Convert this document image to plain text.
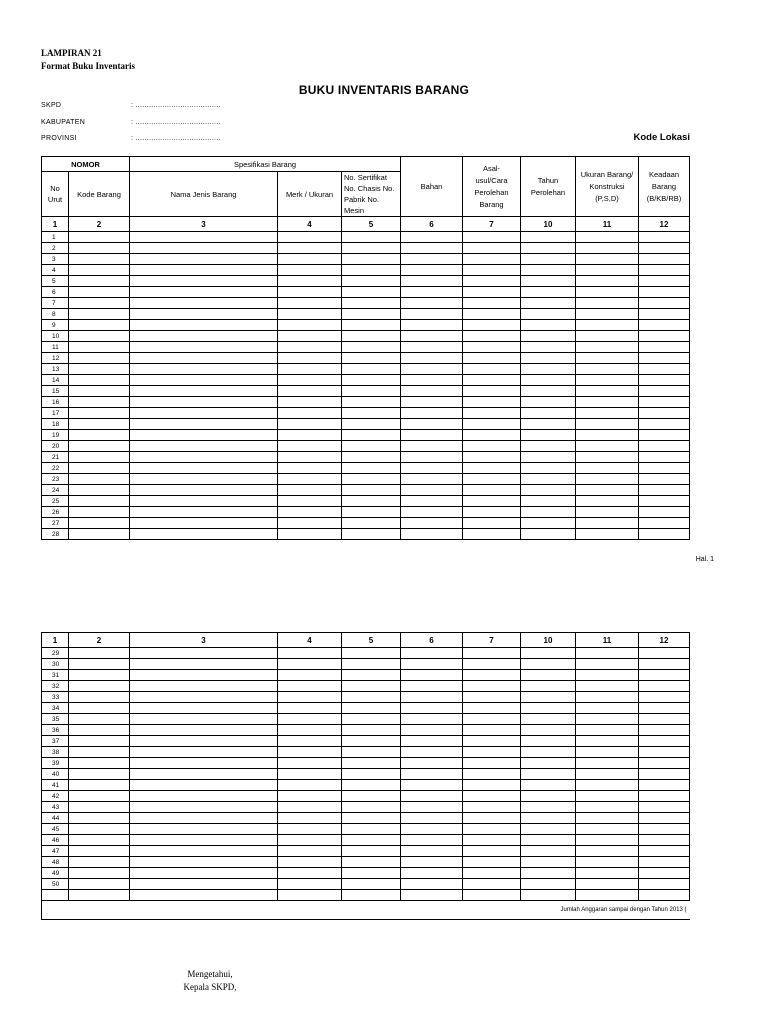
LAMPIRAN 21
Format Buku Inventaris
BUKU INVENTARIS BARANG
SKPD	: ......................................
KABUPATEN	: ......................................
PROVINSI	: ......................................	Kode Lokasi
NOMOR		Spesifikasi Barang			Bahan	Asal-usul/Cara Perolehan Barang	Tahun Perolehan	Ukuran Barang/ Konstruksi (P,S,D)	Keadaan Barang (B/KB/RB)
No Urut	Kode Barang	Nama Jenis Barang	Merk / Ukuran	No. Sertifikat No. Chasis No. Pabrik No. Mesin					
1	2	3	4	5	6	7	10	11	12
1									
2									
3									
4									
5									
6									
7									
8									
9									
10									
11									
12									
13									
14									
15									
16									
17									
18									
19									
20									
21									
22									
23									
24									
25									
26									
27									
28									
Hal. 1
1	2	3	4	5	6	7	10	11	12
29									
30									
31									
32									
33									
34									
35									
36									
37									
38									
39									
40									
41									
42									
43									
44									
45									
46									
47									
48									
49									
50									

Jumlah Anggaran sampai dengan Tahun 2013 (									
Mengetahui,
Kepala SKPD,
